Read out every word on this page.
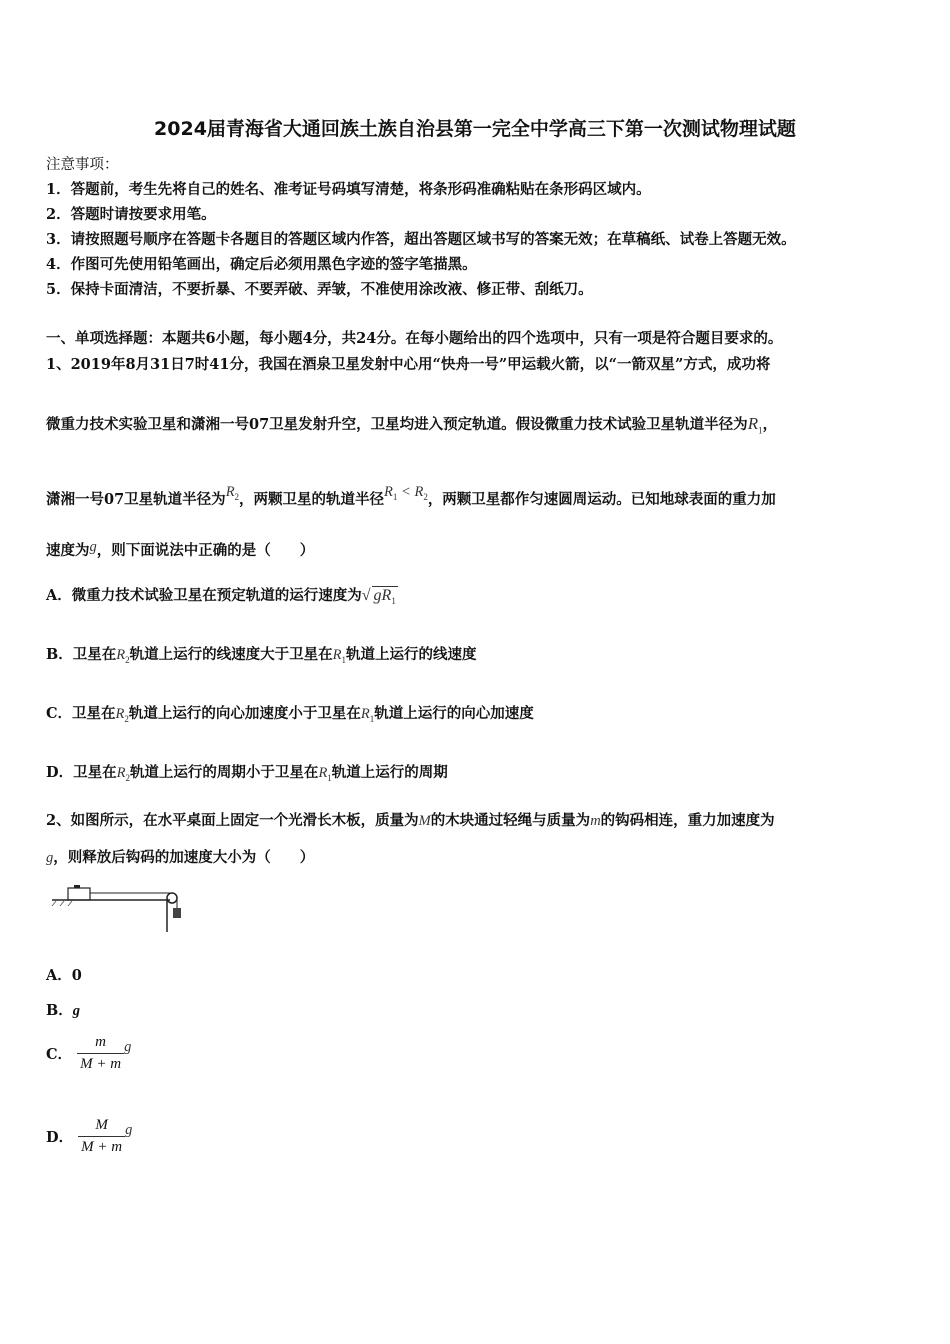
2024届青海省大通回族土族自治县第一完全中学高三下第一次测试物理试题
注意事项：
1．答题前，考生先将自己的姓名、准考证号码填写清楚，将条形码准确粘贴在条形码区域内。
2．答题时请按要求用笔。
3．请按照题号顺序在答题卡各题目的答题区域内作答，超出答题区域书写的答案无效；在草稿纸、试卷上答题无效。
4．作图可先使用铅笔画出，确定后必须用黑色字迹的签字笔描黑。
5．保持卡面清洁，不要折暴、不要弄破、弄皱，不准使用涂改液、修正带、刮纸刀。
一、单项选择题：本题共6小题，每小题4分，共24分。在每小题给出的四个选项中，只有一项是符合题目要求的。
1、2019年8月31日7时41分，我国在酒泉卫星发射中心用“快舟一号”甲运载火箭，以“一箭双星”方式，成功将
微重力技术实验卫星和潇湘一号07卫星发射升空，卫星均进入预定轨道。假设微重力技术试验卫星轨道半径为$R_1$，
潇湘一号07卫星轨道半径为$R_2$，两颗卫星的轨道半径$R_1 < R_2$，两颗卫星都作匀速圆周运动。已知地球表面的重力加
速度为g，则下面说法中正确的是（　　）
A．微重力技术试验卫星在预定轨道的运行速度为√ $gR_1$
B．卫星在$R_2$轨道上运行的线速度大于卫星在$R_1$轨道上运行的线速度
C．卫星在$R_2$轨道上运行的向心加速度小于卫星在$R_1$轨道上运行的向心加速度
D．卫星在$R_2$轨道上运行的周期小于卫星在$R_1$轨道上运行的周期
2、如图所示，在水平桌面上固定一个光滑长木板，质量为M的木块通过轻绳与质量为m的钩码相连，重力加速度为
g，则释放后钩码的加速度大小为（　　）
A．0
B．g
C． $\frac{m}{M + m}$ g
D． $\frac{M}{M + m}$ g
